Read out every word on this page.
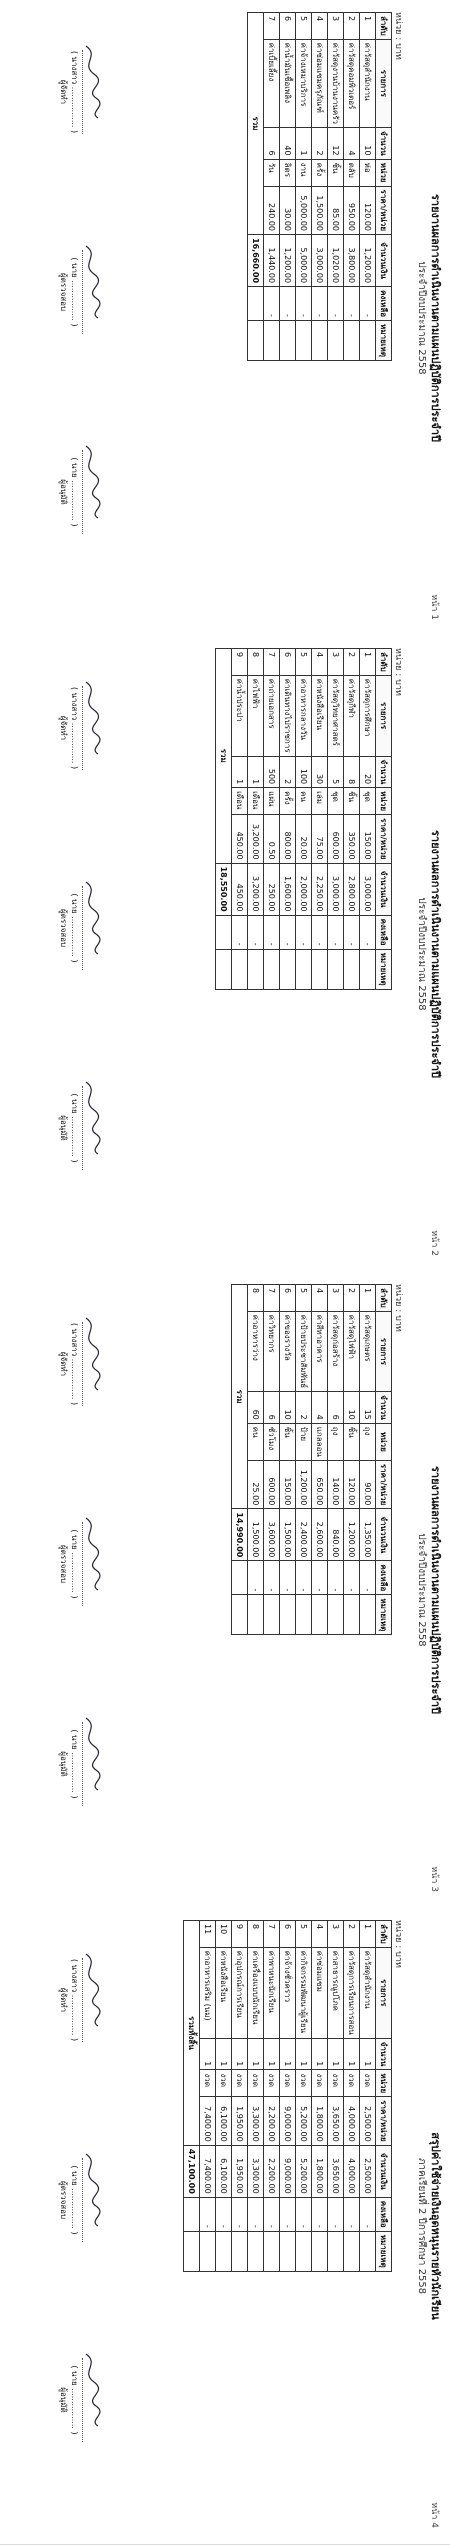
รายงานผลการดำเนินงานตามแผนปฏิบัติการประจำปี
ประจำปีงบประมาณ 2558
หน้า 1
หน่วย : บาท
ลำดับ	รายการ	จำนวน	หน่วย	ราคา/หน่วย	จำนวนเงิน	คงเหลือ	หมายเหตุ
1	ค่าวัสดุสำนักงาน	10	ห่อ	120.00	1,200.00	-	
2	ค่าวัสดุคอมพิวเตอร์	4	ตลับ	950.00	3,800.00	-	
3	ค่าวัสดุงานบ้านงานครัว	12	ชิ้น	85.00	1,020.00	-	
4	ค่าซ่อมแซมครุภัณฑ์	2	ครั้ง	1,500.00	3,000.00	-	
5	ค่าจ้างเหมาบริการ	1	งาน	5,000.00	5,000.00	-	
6	ค่าน้ำมันเชื้อเพลิง	40	ลิตร	30.00	1,200.00	-	
7	ค่าเบี้ยเลี้ยง	6	วัน	240.00	1,440.00	-	
รวม					16,660.00		
( นางสาว ................ )
ผู้จัดทำ
( นาย ................ )
ผู้ตรวจสอบ
( นาย ................ )
ผู้อนุมัติ
รายงานผลการดำเนินงานตามแผนปฏิบัติการประจำปี
ประจำปีงบประมาณ 2558
หน้า 2
หน่วย : บาท
ลำดับ	รายการ	จำนวน	หน่วย	ราคา/หน่วย	จำนวนเงิน	คงเหลือ	หมายเหตุ
1	ค่าวัสดุการศึกษา	20	ชุด	150.00	3,000.00	-	
2	ค่าวัสดุกีฬา	8	ชิ้น	350.00	2,800.00	-	
3	ค่าวัสดุวิทยาศาสตร์	5	ชุด	600.00	3,000.00	-	
4	ค่าหนังสือเรียน	30	เล่ม	75.00	2,250.00	-	
5	ค่าอาหารกลางวัน	100	คน	20.00	2,000.00	-	
6	ค่าเดินทางไปราชการ	2	ครั้ง	800.00	1,600.00	-	
7	ค่าถ่ายเอกสาร	500	แผ่น	0.50	250.00	-	
8	ค่าไฟฟ้า	1	เดือน	3,200.00	3,200.00	-	
9	ค่าน้ำประปา	1	เดือน	450.00	450.00	-	
รวม					18,550.00		
( นางสาว ................ )
ผู้จัดทำ
( นาย ................ )
ผู้ตรวจสอบ
( นาย ................ )
ผู้อนุมัติ
รายงานผลการดำเนินงานตามแผนปฏิบัติการประจำปี
ประจำปีงบประมาณ 2558
หน้า 3
หน่วย : บาท
ลำดับ	รายการ	จำนวน	หน่วย	ราคา/หน่วย	จำนวนเงิน	คงเหลือ	หมายเหตุ
1	ค่าวัสดุเกษตร	15	ถุง	90.00	1,350.00	-	
2	ค่าวัสดุไฟฟ้า	10	ชิ้น	120.00	1,200.00	-	
3	ค่าวัสดุก่อสร้าง	6	ถุง	140.00	840.00	-	
4	ค่าสีทาอาคาร	4	แกลลอน	650.00	2,600.00	-	
5	ค่าป้ายประชาสัมพันธ์	2	ป้าย	1,200.00	2,400.00	-	
6	ค่าของรางวัล	10	ชิ้น	150.00	1,500.00	-	
7	ค่าวิทยากร	6	ชั่วโมง	600.00	3,600.00	-	
8	ค่าอาหารว่าง	60	คน	25.00	1,500.00	-	
รวม					14,990.00		
( นางสาว ................ )
ผู้จัดทำ
( นาย ................ )
ผู้ตรวจสอบ
( นาย ................ )
ผู้อนุมัติ
สรุปค่าใช้จ่ายเงินอุดหนุนรายหัวนักเรียน
ภาคเรียนที่ 2 ปีการศึกษา 2558
หน้า 4
หน่วย : บาท
ลำดับ	รายการ	จำนวน	หน่วย	ราคา/หน่วย	จำนวนเงิน	คงเหลือ	หมายเหตุ
1	ค่าวัสดุสำนักงาน	1	งวด	2,500.00	2,500.00	-	
2	ค่าวัสดุการเรียนการสอน	1	งวด	4,000.00	4,000.00	-	
3	ค่าสาธารณูปโภค	1	งวด	3,650.00	3,650.00	-	
4	ค่าซ่อมแซม	1	งวด	1,800.00	1,800.00	-	
5	ค่ากิจกรรมพัฒนาผู้เรียน	1	งวด	5,200.00	5,200.00	-	
6	ค่าจ้างชั่วคราว	1	งวด	9,000.00	9,000.00	-	
7	ค่าพาหนะนักเรียน	1	งวด	2,200.00	2,200.00	-	
8	ค่าเครื่องแบบนักเรียน	1	งวด	3,300.00	3,300.00	-	
9	ค่าอุปกรณ์การเรียน	1	งวด	1,950.00	1,950.00	-	
10	ค่าหนังสือเรียน	1	งวด	6,100.00	6,100.00	-	
11	ค่าอาหารเสริม (นม)	1	งวด	7,400.00	7,400.00	-	
รวมทั้งสิ้น					47,100.00		
( นางสาว ................ )
ผู้จัดทำ
( นาย ................ )
ผู้ตรวจสอบ
( นาย ................ )
ผู้อนุมัติ
